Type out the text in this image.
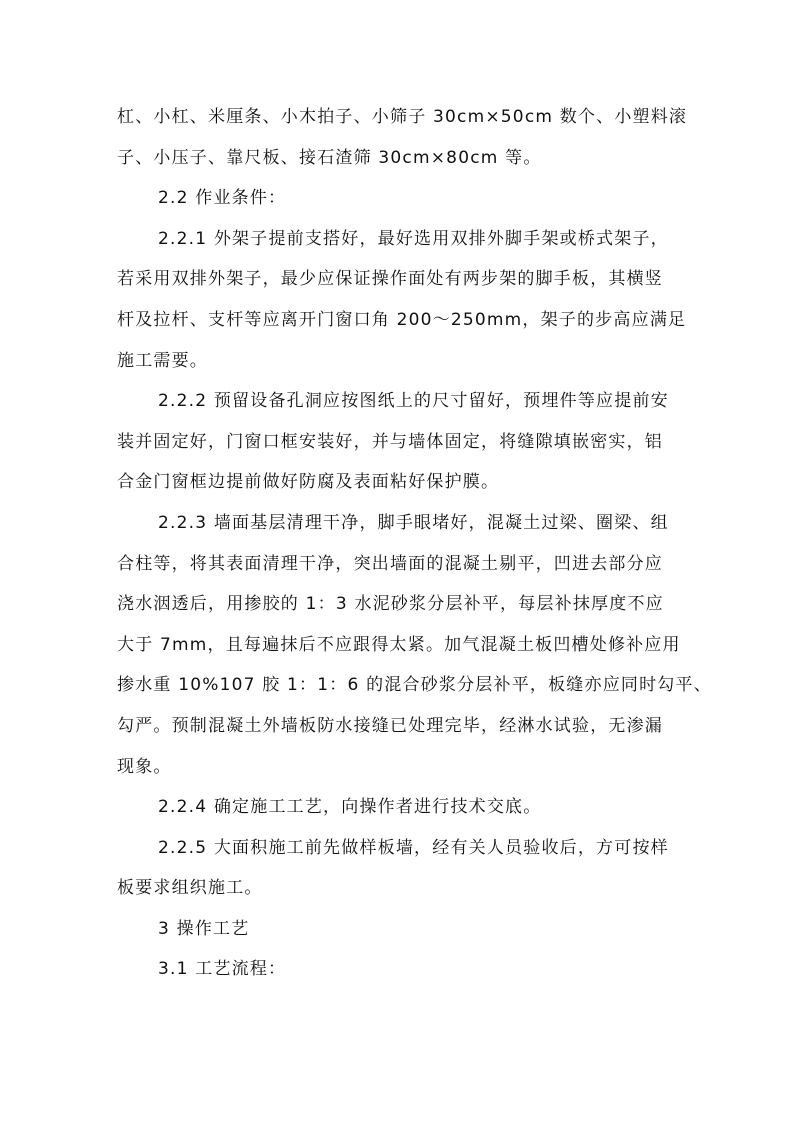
杠、小杠、米厘条、小木拍子、小筛子 30cm×50cm 数个、小塑料滚
子、小压子、靠尺板、接石渣筛 30cm×80cm 等。
2.2 作业条件：
2.2.1 外架子提前支搭好，最好选用双排外脚手架或桥式架子，
若采用双排外架子，最少应保证操作面处有两步架的脚手板，其横竖
杆及拉杆、支杆等应离开门窗口角 200～250mm，架子的步高应满足
施工需要。
2.2.2 预留设备孔洞应按图纸上的尺寸留好，预埋件等应提前安
装并固定好，门窗口框安装好，并与墙体固定，将缝隙填嵌密实，铝
合金门窗框边提前做好防腐及表面粘好保护膜。
2.2.3 墙面基层清理干净，脚手眼堵好，混凝土过梁、圈梁、组
合柱等，将其表面清理干净，突出墙面的混凝土剔平，凹进去部分应
浇水洇透后，用掺胶的 1：3 水泥砂浆分层补平，每层补抹厚度不应
大于 7mm，且每遍抹后不应跟得太紧。加气混凝土板凹槽处修补应用
掺水重 10%107 胶 1：1：6 的混合砂浆分层补平，板缝亦应同时勾平、
勾严。预制混凝土外墙板防水接缝已处理完毕，经淋水试验，无渗漏
现象。
2.2.4 确定施工工艺，向操作者进行技术交底。
2.2.5 大面积施工前先做样板墙，经有关人员验收后，方可按样
板要求组织施工。
3 操作工艺
3.1 工艺流程：
